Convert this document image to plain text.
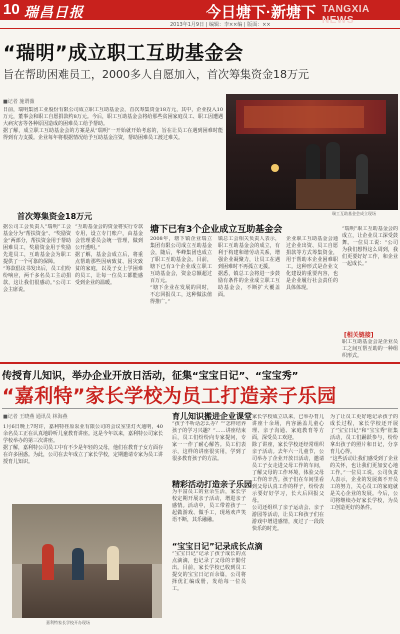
10 瑞昌日报	今日塘下·新塘下 TANGXIA NEWS
2013年1月9日 | 编辑：李××编 | 版面：××
“瑞明”成立职工互助基金会
旨在帮助困难员工，2000多人自愿加入，首次筹集资金18万元
■记者 施谓薇
日前，瑞明集团工业股份有限公司成立职工互助基金会，首次筹集资金18万元，其中，企业投入10万元，董事会和职工自愿捐款约8万元。今后，职工互助基金会将给那些贫困家庭员工、职工因遭遇大病灾害等各种原因造成的困难员工给予帮助。
据了解，成立职工互助基金会的方案是从“瑞明”一开始就开始考虑的，旨在让员工在遇到困难时能得到有力支援。企业每年将根据情况给予互助基金注资，帮助困难员工渡过难关。
瑞工互助基金会成立现场
首次筹集资金18万元
塘下已有3个企业成立互助基金会
据公司工会负责人“瑞明”工会基金分为“帮扶资金”、“奖励资金”两部分，帮扶资金用于帮助困难员工，奖励资金用于奖励先进员工，互助基金会为职工提供了一个可靠的保障。
“筹款倡议书发出后，员工们纷纷响应，两千多名员工主动捐款，这让我们很感动。”公司工会主席说。
“互助基金会的资金将实行专款专用，设立专门账户，由基金会管理委员会统一管理，做到公开透明。”
据了解，基金会成立后，将重点帮助那些因病致贫、因灾致贫的家庭，以及子女上学困难的员工，让每一位员工都能感受到企业的温暖。
2008年，塘下镇企业瑞立集团有限公司成立互助基金会，随后，华峰集团也成立了职工互助基金会。目前，塘下已有3个企业成立职工互助基金会，资金总额超过百万元。
“塘下企业在发展的同时，不忘回报员工，这种做法值得推广。”
镇总工会相关负责人表示，职工互助基金会的成立，有利于构建和谐劳动关系，增强企业凝聚力，让员工在遇到困难时不再孤立无援。
据悉，镇总工会将进一步鼓励有条件的企业成立职工互助基金会，不断扩大覆盖面。
企业职工互助基金会通过企业出资、员工自愿捐款等方式筹集资金，用于帮助本企业困难职工。这种形式是企业文化建设的重要内容，也是企业履行社会责任的具体体现。
“瑞明”职工互助基金会的成立，让企业员工深受鼓舞。一位员工说：“公司为我们想得这么周到，我们更要好好工作，和企业一起成长。”
[相关链接]
职工互助基金会是企业员工之间互帮互助的一种组织形式。
传授育儿知识，举办企业开放日活动，征集“宝宝日记”、“宝宝秀”
“嘉利特”家长学校为员工打造亲子乐园
■记者 王晓燕 通讯员 林海燕
1月6日晚上7时许，嘉利特荏原泵业有限公司的会议室里灯火通明，40余名员工正在认真地聆听儿童教育讲座。这是今年以来，嘉利特公司家长学校举办的第三次讲座。
据了解，嘉利特公司员工中有不少是年轻的父母，他们在教育子女方面存在许多困惑。为此，公司在去年成立了家长学校，定期邀请专家为员工讲授育儿知识。
嘉利特家长学校开办现场
育儿知识搬进企业课堂
“孩子不听话怎么办？”“怎样培养孩子的学习兴趣？”……讲座结束后，员工们纷纷向专家提问，专家一一作了耐心解答。员工们表示，这样的讲座很实用，学到了很多教育孩子的方法。
精彩活动打造亲子乐园
为丰富员工的业余生活，家长学校定期开展亲子活动，增进亲子感情。活动中，员工带着孩子一起做游戏、做手工，现场欢声笑语不断，其乐融融。
“宝宝日记”记录成长点滴
“宝宝日记”记录了孩子成长的点点滴滴，也记录了父母的辛勤付出。目前，家长学校已收到员工提交的宝宝日记百余篇，公司将择优汇编成册，发给每一位员工。
家长学校成立以来，已举办育儿讲座十余场，内容涵盖儿童心理、亲子沟通、家庭教育等方面，深受员工欢迎。
除了讲座，家长学校还经常组织亲子活动。去年六一儿童节，公司举办了企业开放日活动，邀请员工子女走进父母工作的车间，了解父母的工作环境，体验父母工作的辛苦。孩子们在车间里看到父母认真工作的样子，纷纷表示要好好学习，长大后回报父母。
公司还组织了亲子运动会、亲子游园等活动，让员工和孩子们在游戏中增进感情，度过了一段段快乐的时光。
为了让员工更好地记录孩子的成长过程，家长学校还开展了“宝宝日记”和“宝宝秀”征集活动，员工们踊跃参与，纷纷拿出孩子的照片和日记，分享育儿心得。
“这些活动让我们感受到了企业的关怀，也让我们更加安心地工作。”一位员工说。公司负责人表示，企业的发展离不开员工的努力，关心员工的家庭就是关心企业的发展。今后，公司将继续办好家长学校，为员工创造更好的条件。
